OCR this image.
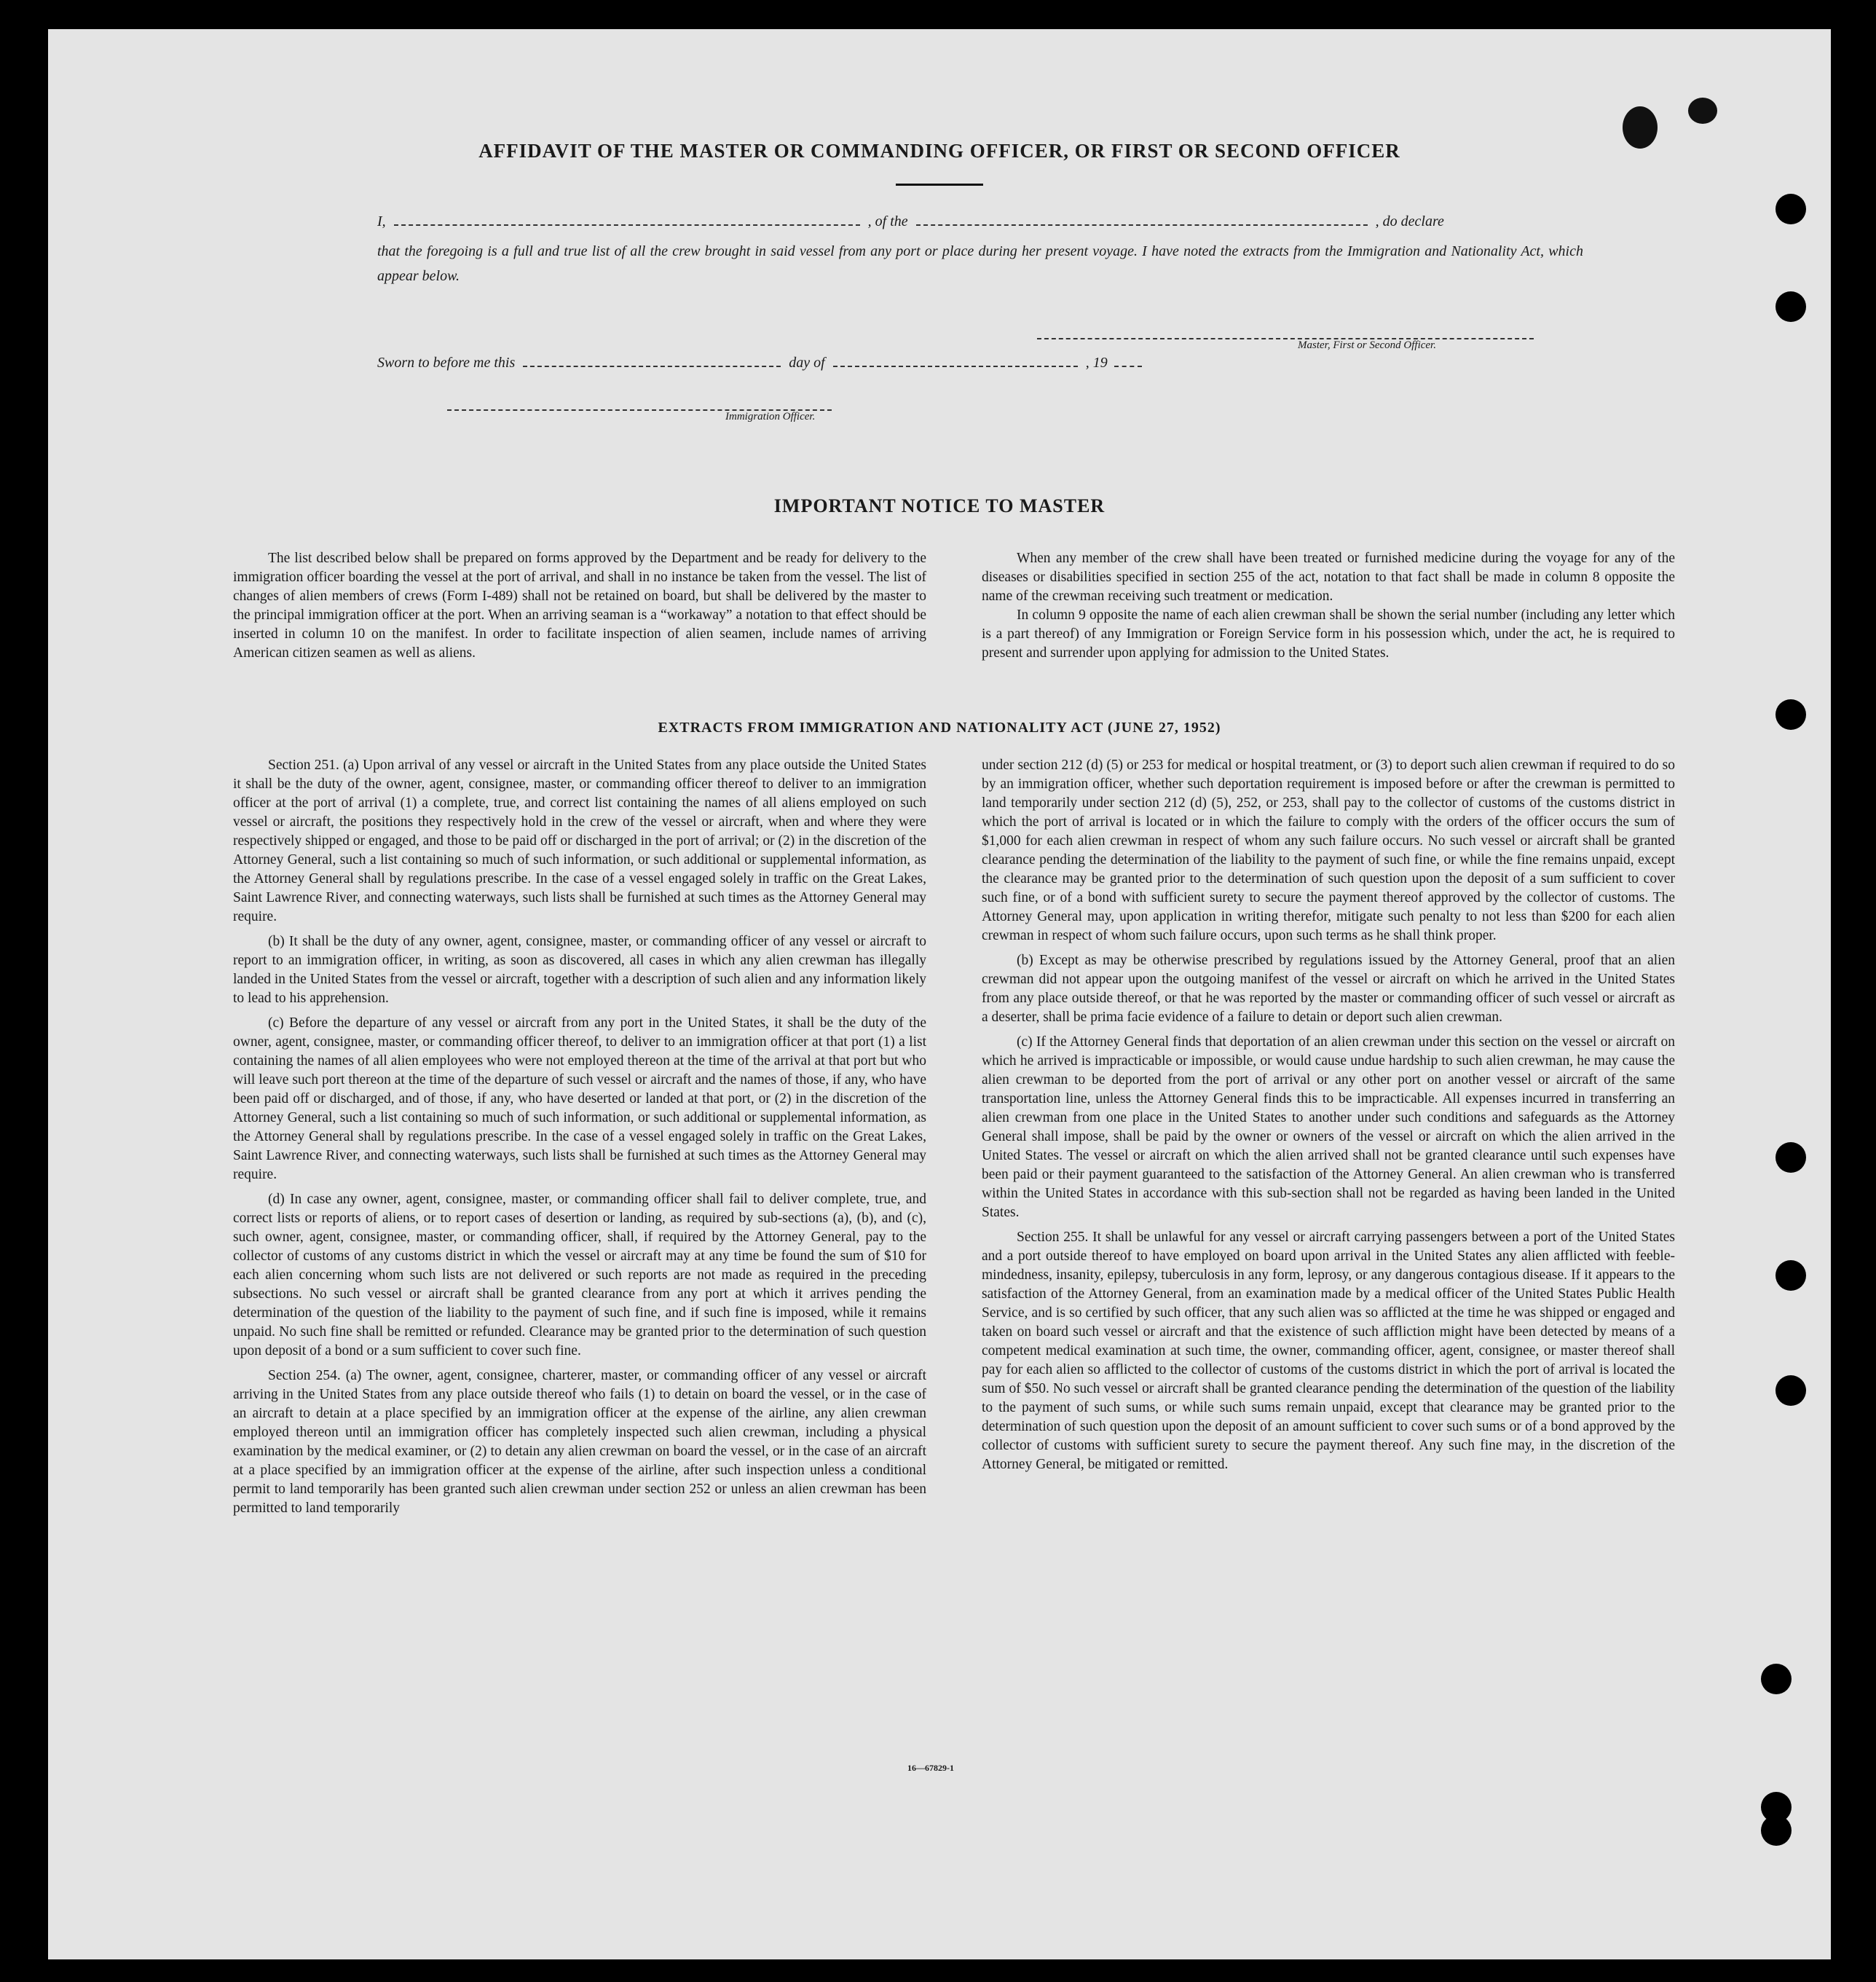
AFFIDAVIT OF THE MASTER OR COMMANDING OFFICER, OR FIRST OR SECOND OFFICER
I,	, of the	, do declare
that the foregoing is a full and true list of all the crew brought in said vessel from any port or place during her present voyage. I have noted the extracts from the Immigration and Nationality Act, which appear below.
Master, First or Second Officer.
Sworn to before me this	day of	, 19
Immigration Officer.
IMPORTANT NOTICE TO MASTER

The list described below shall be prepared on forms approved by the Department and be ready for delivery to the immigration officer boarding the vessel at the port of arrival, and shall in no instance be taken from the vessel. The list of changes of alien members of crews (Form I-489) shall not be retained on board, but shall be delivered by the master to the principal immigration officer at the port. When an arriving seaman is a “workaway” a notation to that effect should be inserted in column 10 on the manifest. In order to facilitate inspection of alien seamen, include names of arriving American citizen seamen as well as aliens.

When any member of the crew shall have been treated or furnished medicine during the voyage for any of the diseases or disabilities specified in section 255 of the act, notation to that fact shall be made in column 8 opposite the name of the crewman receiving such treatment or medication.

In column 9 opposite the name of each alien crewman shall be shown the serial number (including any letter which is a part thereof) of any Immigration or Foreign Service form in his possession which, under the act, he is required to present and surrender upon applying for admission to the United States.

EXTRACTS FROM IMMIGRATION AND NATIONALITY ACT (JUNE 27, 1952)

Section 251. (a) Upon arrival of any vessel or aircraft in the United States from any place outside the United States it shall be the duty of the owner, agent, consignee, master, or commanding officer thereof to deliver to an immigration officer at the port of arrival (1) a complete, true, and correct list containing the names of all aliens employed on such vessel or aircraft, the positions they respectively hold in the crew of the vessel or aircraft, when and where they were respectively shipped or engaged, and those to be paid off or discharged in the port of arrival; or (2) in the discretion of the Attorney General, such a list containing so much of such information, or such additional or supplemental information, as the Attorney General shall by regulations prescribe. In the case of a vessel engaged solely in traffic on the Great Lakes, Saint Lawrence River, and connecting waterways, such lists shall be furnished at such times as the Attorney General may require.

(b) It shall be the duty of any owner, agent, consignee, master, or commanding officer of any vessel or aircraft to report to an immigration officer, in writing, as soon as discovered, all cases in which any alien crewman has illegally landed in the United States from the vessel or aircraft, together with a description of such alien and any information likely to lead to his apprehension.

(c) Before the departure of any vessel or aircraft from any port in the United States, it shall be the duty of the owner, agent, consignee, master, or commanding officer thereof, to deliver to an immigration officer at that port (1) a list containing the names of all alien employees who were not employed thereon at the time of the arrival at that port but who will leave such port thereon at the time of the departure of such vessel or aircraft and the names of those, if any, who have been paid off or discharged, and of those, if any, who have deserted or landed at that port, or (2) in the discretion of the Attorney General, such a list containing so much of such information, or such additional or supplemental information, as the Attorney General shall by regulations prescribe. In the case of a vessel engaged solely in traffic on the Great Lakes, Saint Lawrence River, and connecting waterways, such lists shall be furnished at such times as the Attorney General may require.

(d) In case any owner, agent, consignee, master, or commanding officer shall fail to deliver complete, true, and correct lists or reports of aliens, or to report cases of desertion or landing, as required by sub-sections (a), (b), and (c), such owner, agent, consignee, master, or commanding officer, shall, if required by the Attorney General, pay to the collector of customs of any customs district in which the vessel or aircraft may at any time be found the sum of $10 for each alien concerning whom such lists are not delivered or such reports are not made as required in the preceding subsections. No such vessel or aircraft shall be granted clearance from any port at which it arrives pending the determination of the question of the liability to the payment of such fine, and if such fine is imposed, while it remains unpaid. No such fine shall be remitted or refunded. Clearance may be granted prior to the determination of such question upon deposit of a bond or a sum sufficient to cover such fine.

Section 254. (a) The owner, agent, consignee, charterer, master, or commanding officer of any vessel or aircraft arriving in the United States from any place outside thereof who fails (1) to detain on board the vessel, or in the case of an aircraft to detain at a place specified by an immigration officer at the expense of the airline, any alien crewman employed thereon until an immigration officer has completely inspected such alien crewman, including a physical examination by the medical examiner, or (2) to detain any alien crewman on board the vessel, or in the case of an aircraft at a place specified by an immigration officer at the expense of the airline, after such inspection unless a conditional permit to land temporarily has been granted such alien crewman under section 252 or unless an alien crewman has been permitted to land temporarily

under section 212 (d) (5) or 253 for medical or hospital treatment, or (3) to deport such alien crewman if required to do so by an immigration officer, whether such deportation requirement is imposed before or after the crewman is permitted to land temporarily under section 212 (d) (5), 252, or 253, shall pay to the collector of customs of the customs district in which the port of arrival is located or in which the failure to comply with the orders of the officer occurs the sum of $1,000 for each alien crewman in respect of whom any such failure occurs. No such vessel or aircraft shall be granted clearance pending the determination of the liability to the payment of such fine, or while the fine remains unpaid, except the clearance may be granted prior to the determination of such question upon the deposit of a sum sufficient to cover such fine, or of a bond with sufficient surety to secure the payment thereof approved by the collector of customs. The Attorney General may, upon application in writing therefor, mitigate such penalty to not less than $200 for each alien crewman in respect of whom such failure occurs, upon such terms as he shall think proper.

(b) Except as may be otherwise prescribed by regulations issued by the Attorney General, proof that an alien crewman did not appear upon the outgoing manifest of the vessel or aircraft on which he arrived in the United States from any place outside thereof, or that he was reported by the master or commanding officer of such vessel or aircraft as a deserter, shall be prima facie evidence of a failure to detain or deport such alien crewman.

(c) If the Attorney General finds that deportation of an alien crewman under this section on the vessel or aircraft on which he arrived is impracticable or impossible, or would cause undue hardship to such alien crewman, he may cause the alien crewman to be deported from the port of arrival or any other port on another vessel or aircraft of the same transportation line, unless the Attorney General finds this to be impracticable. All expenses incurred in transferring an alien crewman from one place in the United States to another under such conditions and safeguards as the Attorney General shall impose, shall be paid by the owner or owners of the vessel or aircraft on which the alien arrived in the United States. The vessel or aircraft on which the alien arrived shall not be granted clearance until such expenses have been paid or their payment guaranteed to the satisfaction of the Attorney General. An alien crewman who is transferred within the United States in accordance with this sub-section shall not be regarded as having been landed in the United States.

Section 255. It shall be unlawful for any vessel or aircraft carrying passengers between a port of the United States and a port outside thereof to have employed on board upon arrival in the United States any alien afflicted with feeble-mindedness, insanity, epilepsy, tuberculosis in any form, leprosy, or any dangerous contagious disease. If it appears to the satisfaction of the Attorney General, from an examination made by a medical officer of the United States Public Health Service, and is so certified by such officer, that any such alien was so afflicted at the time he was shipped or engaged and taken on board such vessel or aircraft and that the existence of such affliction might have been detected by means of a competent medical examination at such time, the owner, commanding officer, agent, consignee, or master thereof shall pay for each alien so afflicted to the collector of customs of the customs district in which the port of arrival is located the sum of $50. No such vessel or aircraft shall be granted clearance pending the determination of the question of the liability to the payment of such sums, or while such sums remain unpaid, except that clearance may be granted prior to the determination of such question upon the deposit of an amount sufficient to cover such sums or of a bond approved by the collector of customs with sufficient surety to secure the payment thereof. Any such fine may, in the discretion of the Attorney General, be mitigated or remitted.

16—67829-1
